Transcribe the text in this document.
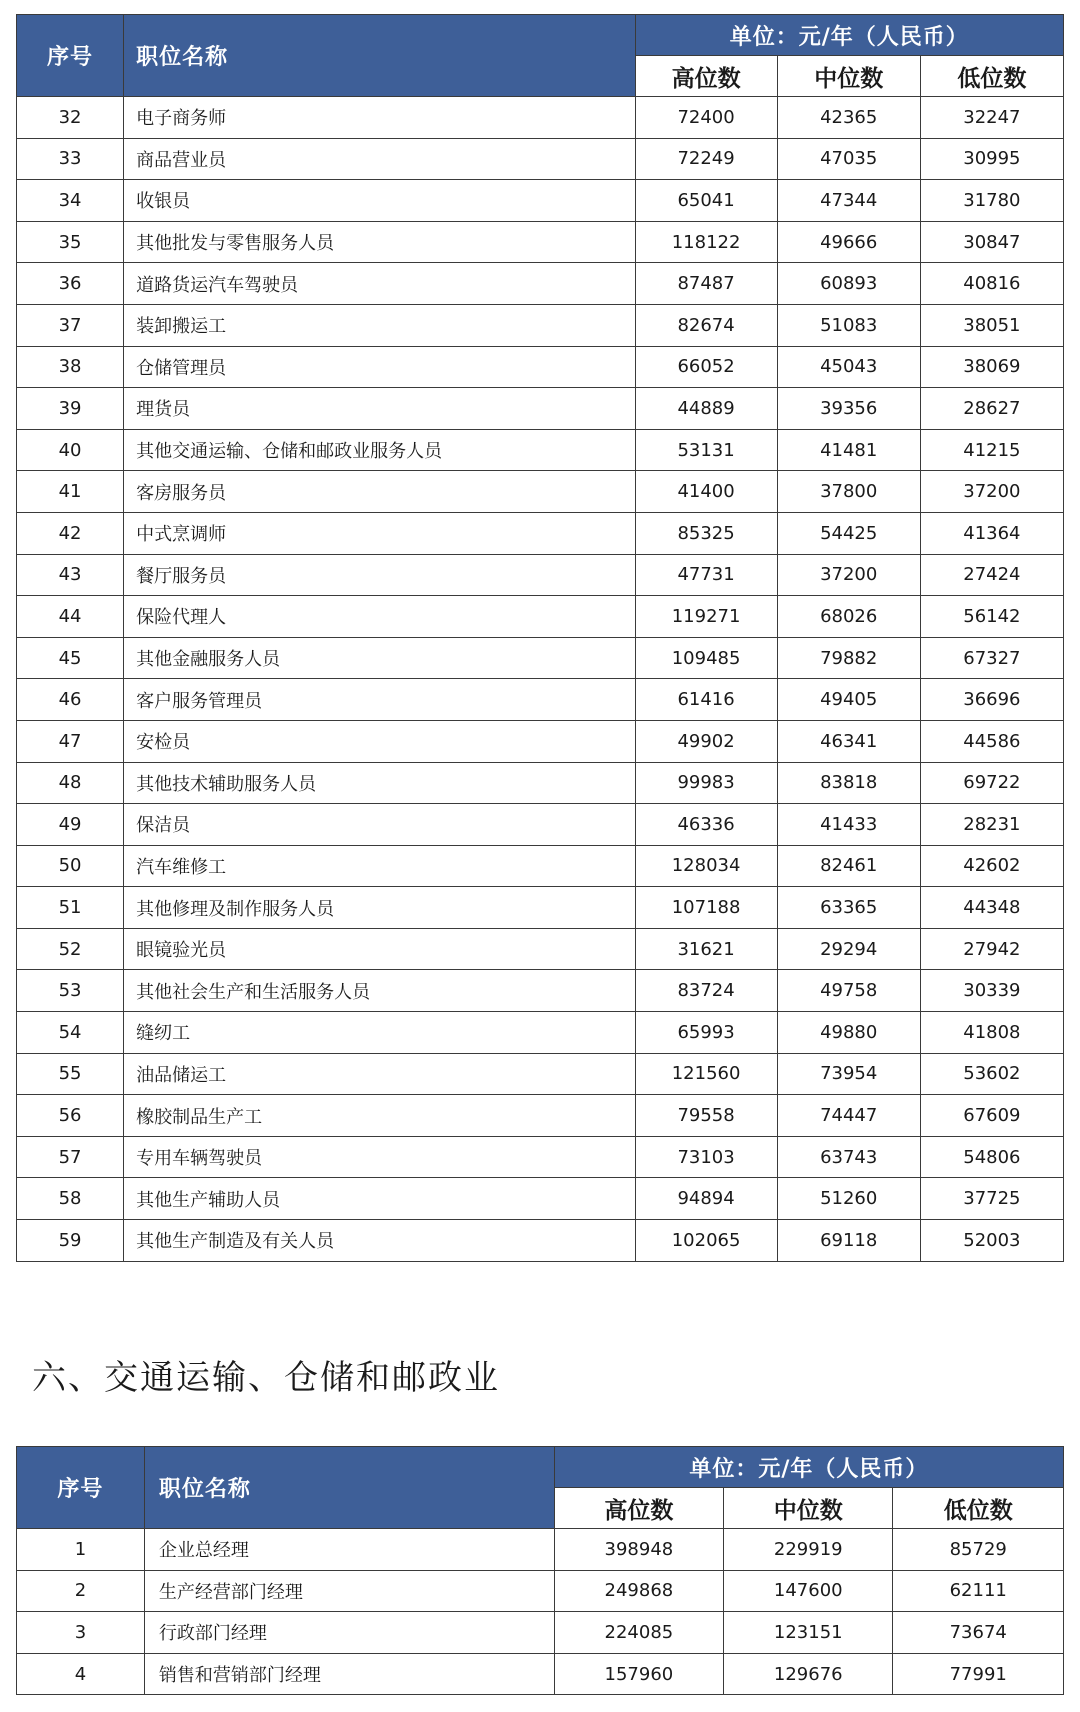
序号	职位名称	单位：元/年（人民币）		
		高位数	中位数	低位数
32	电子商务师	72400	42365	32247
33	商品营业员	72249	47035	30995
34	收银员	65041	47344	31780
35	其他批发与零售服务人员	118122	49666	30847
36	道路货运汽车驾驶员	87487	60893	40816
37	装卸搬运工	82674	51083	38051
38	仓储管理员	66052	45043	38069
39	理货员	44889	39356	28627
40	其他交通运输、仓储和邮政业服务人员	53131	41481	41215
41	客房服务员	41400	37800	37200
42	中式烹调师	85325	54425	41364
43	餐厅服务员	47731	37200	27424
44	保险代理人	119271	68026	56142
45	其他金融服务人员	109485	79882	67327
46	客户服务管理员	61416	49405	36696
47	安检员	49902	46341	44586
48	其他技术辅助服务人员	99983	83818	69722
49	保洁员	46336	41433	28231
50	汽车维修工	128034	82461	42602
51	其他修理及制作服务人员	107188	63365	44348
52	眼镜验光员	31621	29294	27942
53	其他社会生产和生活服务人员	83724	49758	30339
54	缝纫工	65993	49880	41808
55	油品储运工	121560	73954	53602
56	橡胶制品生产工	79558	74447	67609
57	专用车辆驾驶员	73103	63743	54806
58	其他生产辅助人员	94894	51260	37725
59	其他生产制造及有关人员	102065	69118	52003
六、交通运输、仓储和邮政业
序号	职位名称	单位：元/年（人民币）		
		高位数	中位数	低位数
1	企业总经理	398948	229919	85729
2	生产经营部门经理	249868	147600	62111
3	行政部门经理	224085	123151	73674
4	销售和营销部门经理	157960	129676	77991
